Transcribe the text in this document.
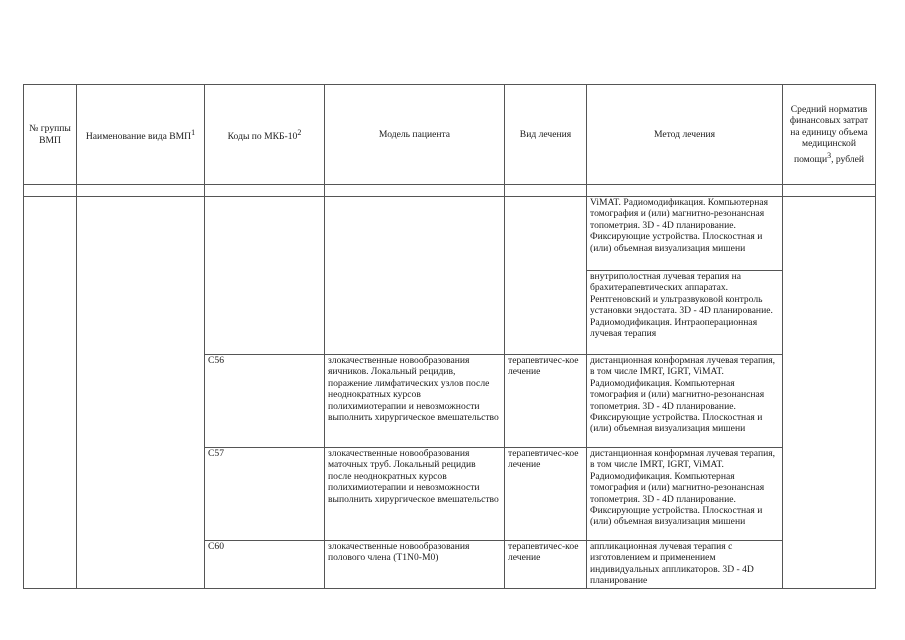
№ группы ВМП	Наименование вида ВМП$^1$	Коды по МКБ-$10^2$	Модель пациента	Вид лечения	Метод лечения	Средний норматив финансовых затрат на единицу объема медицинской помощи$^3$, рублей

					ViMAT. Радиомодификация. Компьютерная томография и (или) магнитно-резонансная топометрия. 3D - 4D планирование. Фиксирующие устройства. Плоскостная и (или) объемная визуализация мишени	
					внутриполостная лучевая терапия на брахитерапевтических аппаратах. Рентгеновский и ультразвуковой контроль установки эндостата. 3D - 4D планирование. Радиомодификация. Интраоперационная лучевая терапия	
		C56	злокачественные новообразования яичников. Локальный рецидив, поражение лимфатических узлов после неоднократных курсов полихимиотерапии и невозможности выполнить хирургическое вмешательство	терапевтичес-кое лечение	дистанционная конформная лучевая терапия, в том числе IMRT, IGRT, ViMAT. Радиомодификация. Компьютерная томография и (или) магнитно-резонансная топометрия. 3D - 4D планирование. Фиксирующие устройства. Плоскостная и (или) объемная визуализация мишени	
		C57	злокачественные новообразования маточных труб. Локальный рецидив после неоднократных курсов полихимиотерапии и невозможности выполнить хирургическое вмешательство	терапевтичес-кое лечение	дистанционная конформная лучевая терапия, в том числе IMRT, IGRT, ViMAT. Радиомодификация. Компьютерная томография и (или) магнитно-резонансная топометрия. 3D - 4D планирование. Фиксирующие устройства. Плоскостная и (или) объемная визуализация мишени	
		C60	злокачественные новообразования полового члена (T1N0-M0)	терапевтичес-кое лечение	аппликационная лучевая терапия с изготовлением и применением индивидуальных аппликаторов. 3D - 4D планирование	
